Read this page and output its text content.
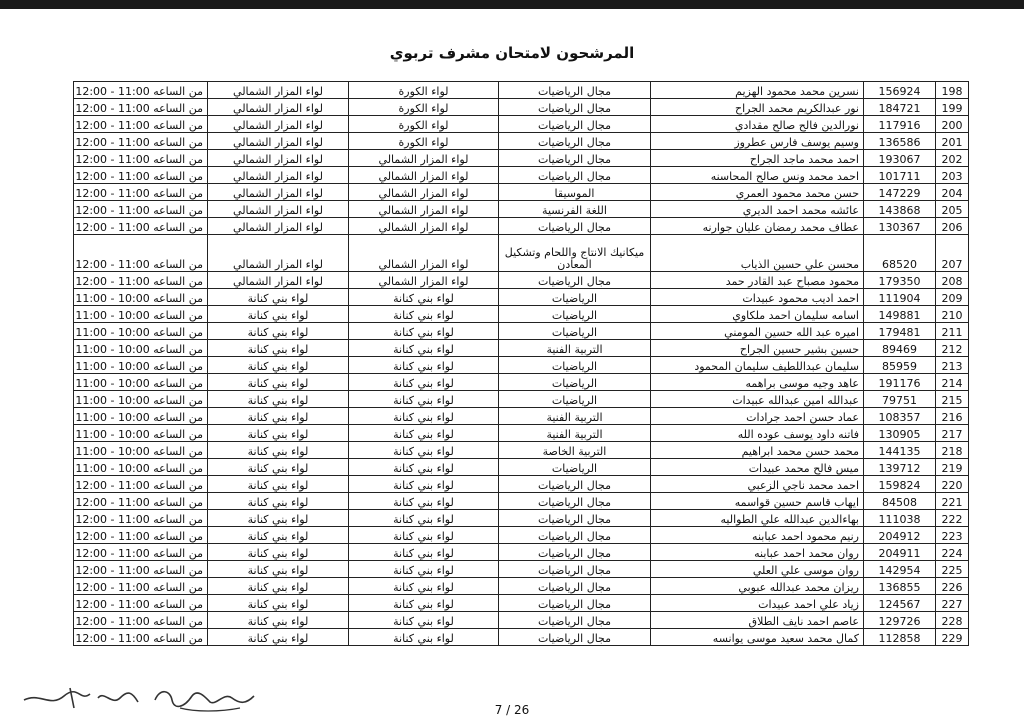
المرشحون لامتحان مشرف تربوي
198	156924	نسرين محمد محمود الهزيم	مجال الرياضيات	لواء الكورة	لواء المزار الشمالي	من الساعه 11:00 - 12:00
199	184721	نور عبدالكريم محمد الجراح	مجال الرياضيات	لواء الكورة	لواء المزار الشمالي	من الساعه 11:00 - 12:00
200	117916	نورالدين فالح صالح مقدادي	مجال الرياضيات	لواء الكورة	لواء المزار الشمالي	من الساعه 11:00 - 12:00
201	136586	وسيم يوسف فارس عطروز	مجال الرياضيات	لواء الكورة	لواء المزار الشمالي	من الساعه 11:00 - 12:00
202	193067	احمد محمد ماجد الجراح	مجال الرياضيات	لواء المزار الشمالي	لواء المزار الشمالي	من الساعه 11:00 - 12:00
203	101711	احمد محمد ونس صالح المحاسنه	مجال الرياضيات	لواء المزار الشمالي	لواء المزار الشمالي	من الساعه 11:00 - 12:00
204	147229	حسن محمد محمود العمري	الموسيقا	لواء المزار الشمالي	لواء المزار الشمالي	من الساعه 11:00 - 12:00
205	143868	عائشه محمد احمد الديري	اللغة الفرنسية	لواء المزار الشمالي	لواء المزار الشمالي	من الساعه 11:00 - 12:00
206	130367	عطاف محمد رمضان عليان جوارنه	مجال الرياضيات	لواء المزار الشمالي	لواء المزار الشمالي	من الساعه 11:00 - 12:00
207	68520	محسن علي حسين الذياب	ميكانيك الانتاج واللحام وتشكيل المعادن	لواء المزار الشمالي	لواء المزار الشمالي	من الساعه 11:00 - 12:00
208	179350	محمود مصباح عبد القادر حمد	مجال الرياضيات	لواء المزار الشمالي	لواء المزار الشمالي	من الساعه 11:00 - 12:00
209	111904	احمد اديب محمود عبيدات	الرياضيات	لواء بني كنانة	لواء بني كنانة	من الساعه 10:00 - 11:00
210	149881	اسامه سليمان احمد ملكاوي	الرياضيات	لواء بني كنانة	لواء بني كنانة	من الساعه 10:00 - 11:00
211	179481	اميره عبد الله حسين المومني	الرياضيات	لواء بني كنانة	لواء بني كنانة	من الساعه 10:00 - 11:00
212	89469	حسين بشير حسين الجراح	التربية الفنية	لواء بني كنانة	لواء بني كنانة	من الساعه 10:00 - 11:00
213	85959	سليمان عبداللطيف سليمان المحمود	الرياضيات	لواء بني كنانة	لواء بني كنانة	من الساعه 10:00 - 11:00
214	191176	عاهد وجيه موسى براهمه	الرياضيات	لواء بني كنانة	لواء بني كنانة	من الساعه 10:00 - 11:00
215	79751	عبدالله امين عبدالله عبيدات	الرياضيات	لواء بني كنانة	لواء بني كنانة	من الساعه 10:00 - 11:00
216	108357	عماد حسن احمد جرادات	التربية الفنية	لواء بني كنانة	لواء بني كنانة	من الساعه 10:00 - 11:00
217	130905	فاتنه داود يوسف عوده الله	التربية الفنية	لواء بني كنانة	لواء بني كنانة	من الساعه 10:00 - 11:00
218	144135	محمد حسن محمد ابراهيم	التربية الخاصة	لواء بني كنانة	لواء بني كنانة	من الساعه 10:00 - 11:00
219	139712	ميس فالح محمد عبيدات	الرياضيات	لواء بني كنانة	لواء بني كنانة	من الساعه 10:00 - 11:00
220	159824	احمد محمد ناجي الزعبي	مجال الرياضيات	لواء بني كنانة	لواء بني كنانة	من الساعه 11:00 - 12:00
221	84508	ايهاب قاسم حسين قواسمه	مجال الرياضيات	لواء بني كنانة	لواء بني كنانة	من الساعه 11:00 - 12:00
222	111038	بهاءالدين عبدالله علي الطواليه	مجال الرياضيات	لواء بني كنانة	لواء بني كنانة	من الساعه 11:00 - 12:00
223	204912	رنيم محمود احمد عبابنه	مجال الرياضيات	لواء بني كنانة	لواء بني كنانة	من الساعه 11:00 - 12:00
224	204911	روان محمد احمد عبابنه	مجال الرياضيات	لواء بني كنانة	لواء بني كنانة	من الساعه 11:00 - 12:00
225	142954	روان موسى علي العلي	مجال الرياضيات	لواء بني كنانة	لواء بني كنانة	من الساعه 11:00 - 12:00
226	136855	ريزان محمد عبدالله عبوبي	مجال الرياضيات	لواء بني كنانة	لواء بني كنانة	من الساعه 11:00 - 12:00
227	124567	زياد علي احمد عبيدات	مجال الرياضيات	لواء بني كنانة	لواء بني كنانة	من الساعه 11:00 - 12:00
228	129726	عاصم احمد نايف الطلاق	مجال الرياضيات	لواء بني كنانة	لواء بني كنانة	من الساعه 11:00 - 12:00
229	112858	كمال محمد سعيد موسى يوانسه	مجال الرياضيات	لواء بني كنانة	لواء بني كنانة	من الساعه 11:00 - 12:00
7 / 26
